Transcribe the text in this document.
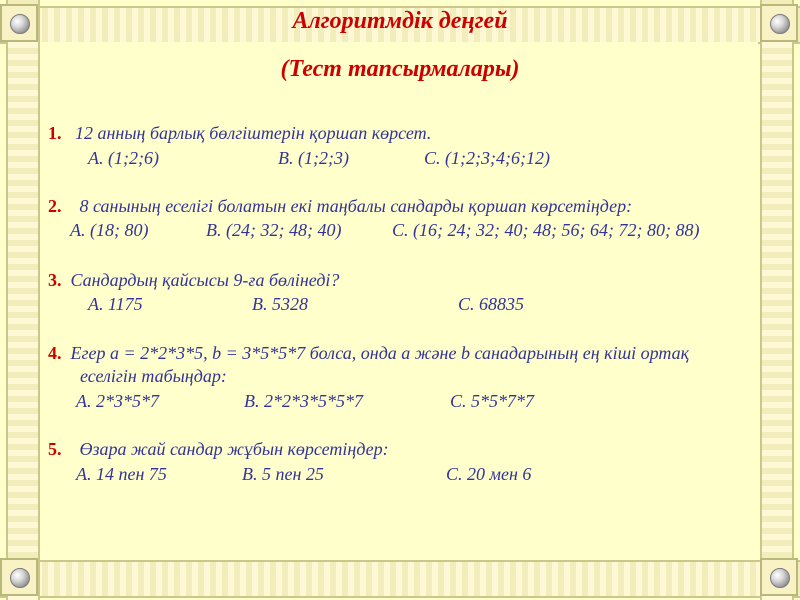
Алгоритмдік деңгей
(Тест тапсырмалары)
1. 12 анның барлық бөлгіштерін қоршап көрсет.
А. (1;2;6)	В. (1;2;3)	С. (1;2;3;4;6;12)
2. 8 санының еселігі болатын екі таңбалы сандарды қоршап көрсетіңдер:
А. (18; 80)	В. (24; 32; 48; 40)	С. (16; 24; 32; 40; 48; 56; 64; 72; 80; 88)
3. Сандардың қайсысы 9-ға бөлінеді?
А. 1175	В. 5328	С. 68835
4. Егер a = 2*2*3*5, b = 3*5*5*7 болса, онда a және b санадарының ең кіші ортақ
еселігін табыңдар:
А. 2*3*5*7	В. 2*2*3*5*5*7	С. 5*5*7*7
5. Өзара жай сандар жұбын көрсетіңдер:
А. 14 пен 75	В. 5 пен 25	С. 20 мен 6
